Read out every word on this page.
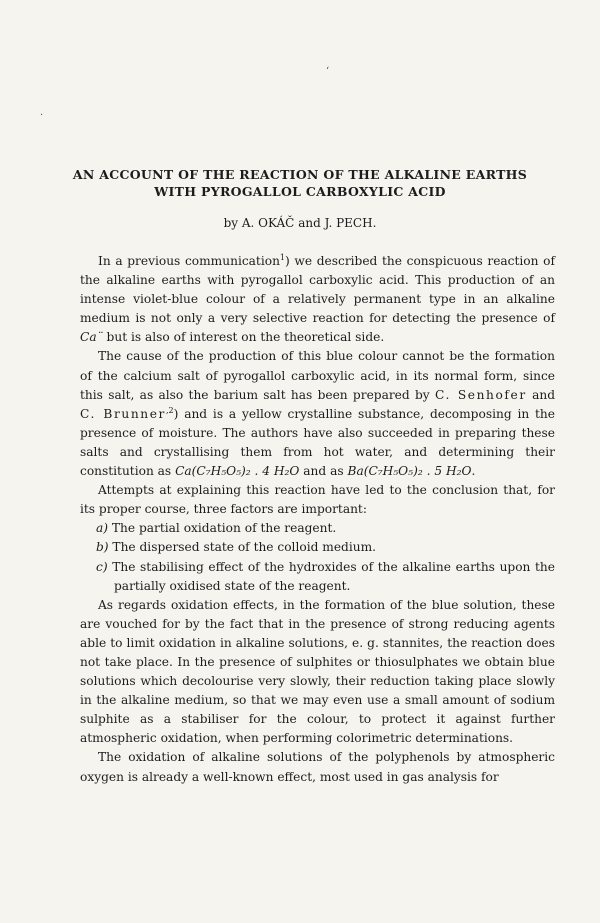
ʻ
·
AN ACCOUNT OF THE REACTION OF THE ALKALINE EARTHS WITH PYROGALLOL CARBOXYLIC ACID
by A. OKÁČ and J. PECH.

In a previous communication$^1$) we described the conspicuous reaction of the alkaline earths with pyrogallol carboxylic acid. This production of an intense violet-blue colour of a relatively permanent type in an alkaline medium is not only a very selective reaction for detecting the presence of Ca¨ but is also of interest on the theoretical side.

The cause of the production of this blue colour cannot be the formation of the calcium salt of pyrogallol carboxylic acid, in its normal form, since this salt, as also the barium salt has been prepared by C. Senhofer and C. Brunner$^{,2}$) and is a yellow crystalline substance, decomposing in the presence of moisture. The authors have also succeeded in preparing these salts and crystallising them from hot water, and determining their constitution as Ca(C₇H₅O₅)₂ . 4 H₂O and as Ba(C₇H₅O₅)₂ . 5 H₂O.

Attempts at explaining this reaction have led to the conclusion that, for its proper course, three factors are important:

a) The partial oxidation of the reagent.
b) The dispersed state of the colloid medium.
c) The stabilising effect of the hydroxides of the alkaline earths upon the partially oxidised state of the reagent.

As regards oxidation effects, in the formation of the blue solution, these are vouched for by the fact that in the presence of strong reducing agents able to limit oxidation in alkaline solutions, e. g. stannites, the reaction does not take place. In the presence of sulphites or thiosulphates we obtain blue solutions which decolourise very slowly, their reduction taking place slowly in the alkaline medium, so that we may even use a small amount of sodium sulphite as a stabiliser for the colour, to protect it against further atmospheric oxidation, when performing colorimetric determinations.

The oxidation of alkaline solutions of the polyphenols by atmospheric oxygen is already a well-known effect, most used in gas analysis for
